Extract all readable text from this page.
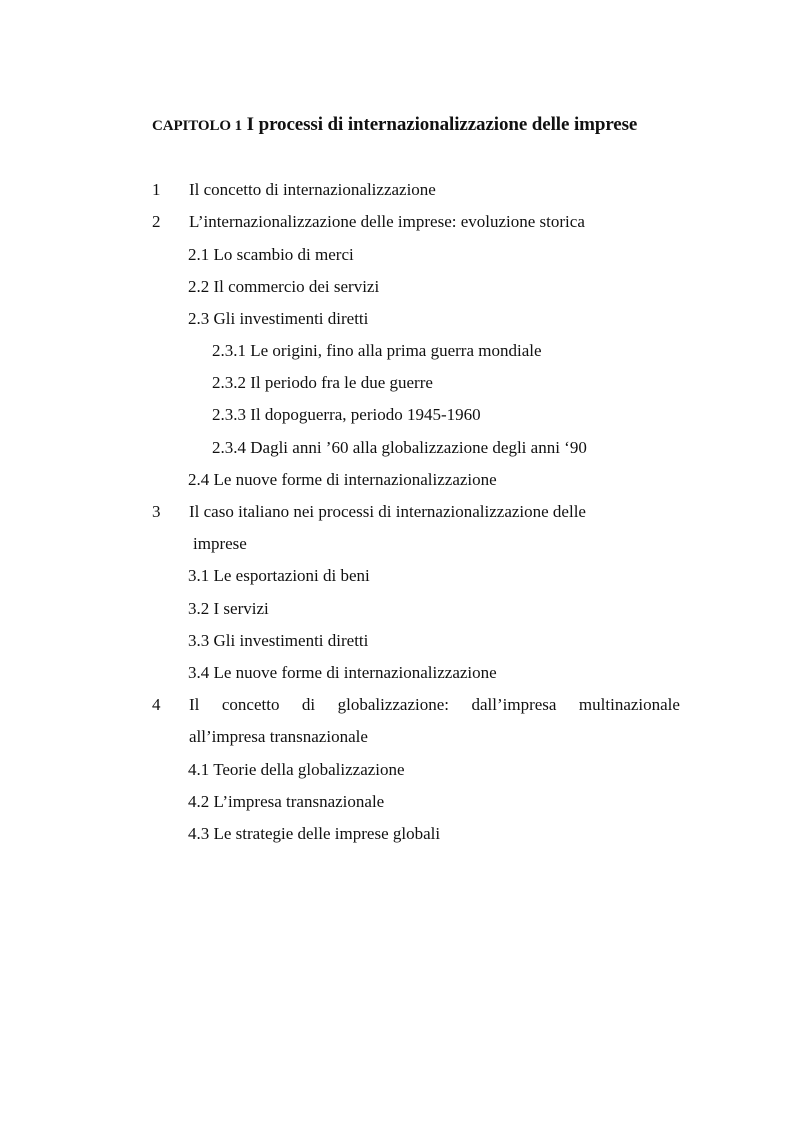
CAPITOLO 1 I processi di internazionalizzazione delle imprese
1 Il concetto di internazionalizzazione
2 L’internazionalizzazione delle imprese: evoluzione storica
2.1 Lo scambio di merci
2.2 Il commercio dei servizi
2.3 Gli investimenti diretti
2.3.1 Le origini, fino alla prima guerra mondiale
2.3.2 Il periodo fra le due guerre
2.3.3 Il dopoguerra, periodo 1945-1960
2.3.4 Dagli anni ’60 alla globalizzazione degli anni ‘90
2.4 Le nuove forme di internazionalizzazione
3 Il caso italiano nei processi di internazionalizzazione delle
imprese
3.1 Le esportazioni di beni
3.2 I servizi
3.3 Gli investimenti diretti
3.4 Le nuove forme di internazionalizzazione
4 Il concetto di globalizzazione: dall’impresa multinazionale
all’impresa transnazionale
4.1 Teorie della globalizzazione
4.2 L’impresa transnazionale
4.3 Le strategie delle imprese globali
